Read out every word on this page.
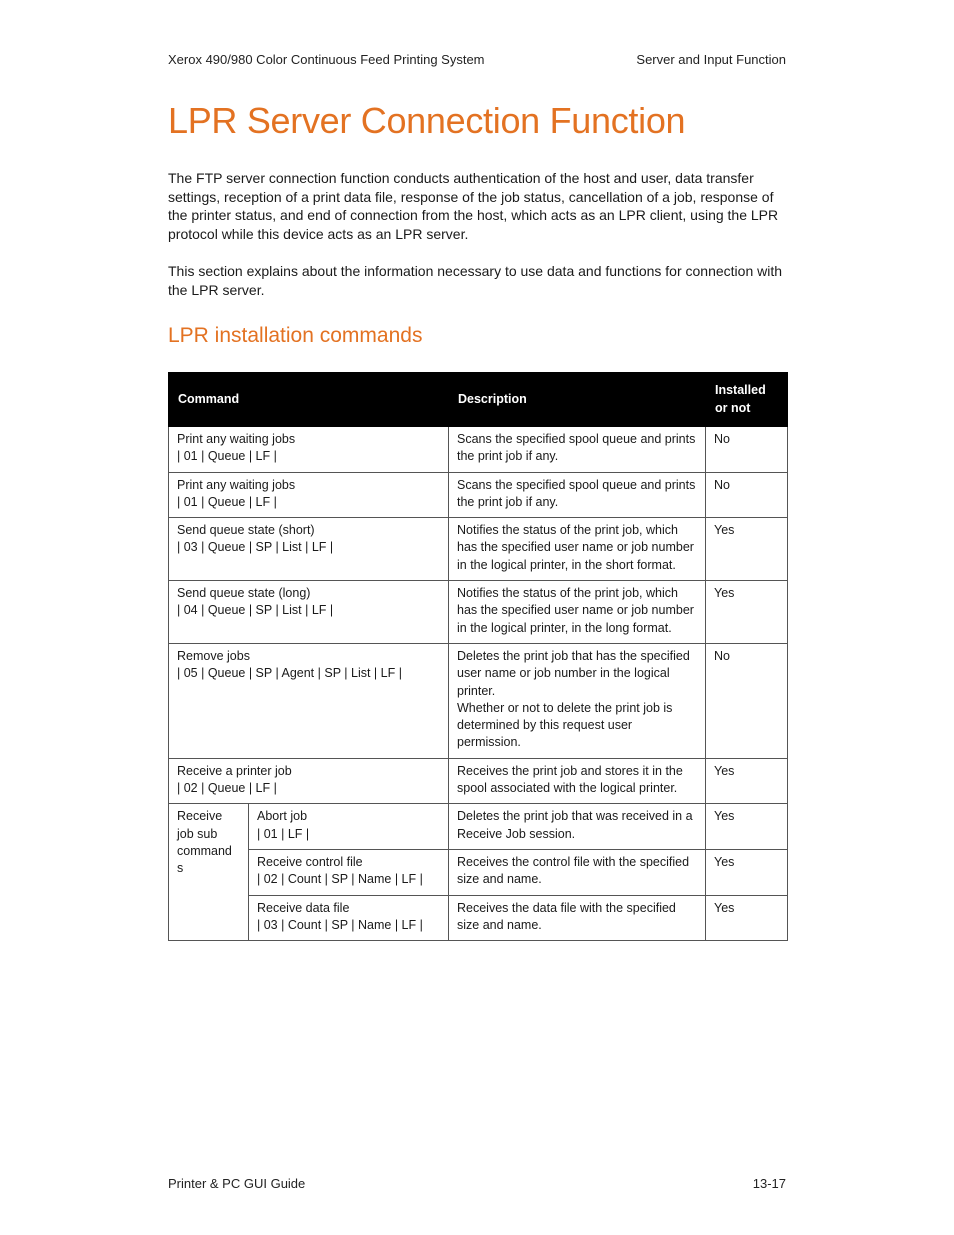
Xerox 490/980 Color Continuous Feed Printing System	Server and Input Function
LPR Server Connection Function

The FTP server connection function conducts authentication of the host and user, data transfer settings, reception of a print data file, response of the job status, cancellation of a job, response of the printer status, and end of connection from the host, which acts as an LPR client, using the LPR protocol while this device acts as an LPR server.

This section explains about the information necessary to use data and functions for connection with the LPR server.

LPR installation commands
Command		Description	Installed
or not

Print any waiting jobs
| 01 | Queue | LF |		Scans the specified spool queue and prints the print job if any.	No

Print any waiting jobs
| 01 | Queue | LF |		Scans the specified spool queue and prints the print job if any.	No

Send queue state (short)
| 03 | Queue | SP | List | LF |		Notifies the status of the print job, which has the specified user name or job number in the logical printer, in the short format.	Yes

Send queue state (long)
| 04 | Queue | SP | List | LF |		Notifies the status of the print job, which has the specified user name or job number in the logical printer, in the long format.	Yes

Remove jobs
| 05 | Queue | SP | Agent | SP | List | LF |		Deletes the print job that has the specified user name or job number in the logical printer.
Whether or not to delete the print job is determined by this request user permission.	No

Receive a printer job
| 02 | Queue | LF |		Receives the print job and stores it in the spool associated with the logical printer.	Yes
Receive job sub command s	Abort job
| 01 | LF |	Deletes the print job that was received in a Receive Job session.	Yes

	Receive control file
| 02 | Count | SP | Name | LF |	Receives the control file with the specified size and name.	Yes

	Receive data file
| 03 | Count | SP | Name | LF |	Receives the data file with the specified size and name.	Yes
Printer & PC GUI Guide	13-17
